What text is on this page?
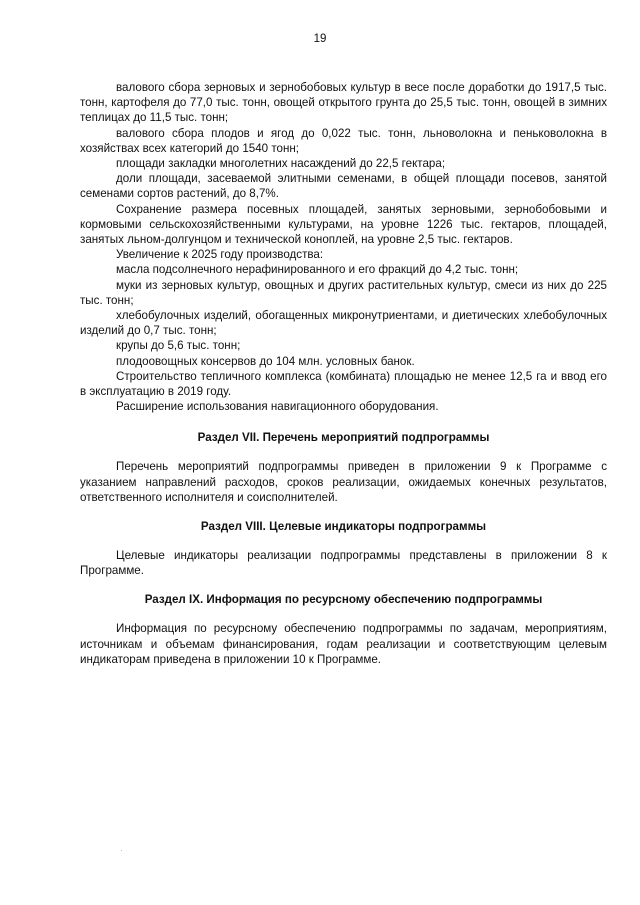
19

валового сбора зерновых и зернобобовых культур в весе после доработки до 1917,5 тыс. тонн, картофеля до 77,0 тыс. тонн, овощей открытого грунта до 25,5 тыс. тонн, овощей в зимних теплицах до 11,5 тыс. тонн;

валового сбора плодов и ягод до 0,022 тыс. тонн, льноволокна и пеньковолокна в хозяйствах всех категорий до 1540 тонн;

площади закладки многолетних насаждений до 22,5 гектара;

доли площади, засеваемой элитными семенами, в общей площади посевов, занятой семенами сортов растений, до 8,7%.

Сохранение размера посевных площадей, занятых зерновыми, зернобобовыми и кормовыми сельскохозяйственными культурами, на уровне 1226 тыс. гектаров, площадей, занятых льном-долгунцом и технической коноплей, на уровне 2,5 тыс. гектаров.

Увеличение к 2025 году производства:

масла подсолнечного нерафинированного и его фракций до 4,2 тыс. тонн;

муки из зерновых культур, овощных и других растительных культур, смеси из них до 225 тыс. тонн;

хлебобулочных изделий, обогащенных микронутриентами, и диетических хлебобулочных изделий до 0,7 тыс. тонн;

крупы до 5,6 тыс. тонн;

плодоовощных консервов до 104 млн. условных банок.

Строительство тепличного комплекса (комбината) площадью не менее 12,5 га и ввод его в эксплуатацию в 2019 году.

Расширение использования навигационного оборудования.

Раздел VII. Перечень мероприятий подпрограммы

Перечень мероприятий подпрограммы приведен в приложении 9 к Программе с указанием направлений расходов, сроков реализации, ожидаемых конечных результатов, ответственного исполнителя и соисполнителей.

Раздел VIII. Целевые индикаторы подпрограммы

Целевые индикаторы реализации подпрограммы представлены в приложении 8 к Программе.

Раздел IX. Информация по ресурсному обеспечению подпрограммы

Информация по ресурсному обеспечению подпрограммы по задачам, мероприятиям, источникам и объемам финансирования, годам реализации и соответствующим целевым индикаторам приведена в приложении 10 к Программе.
